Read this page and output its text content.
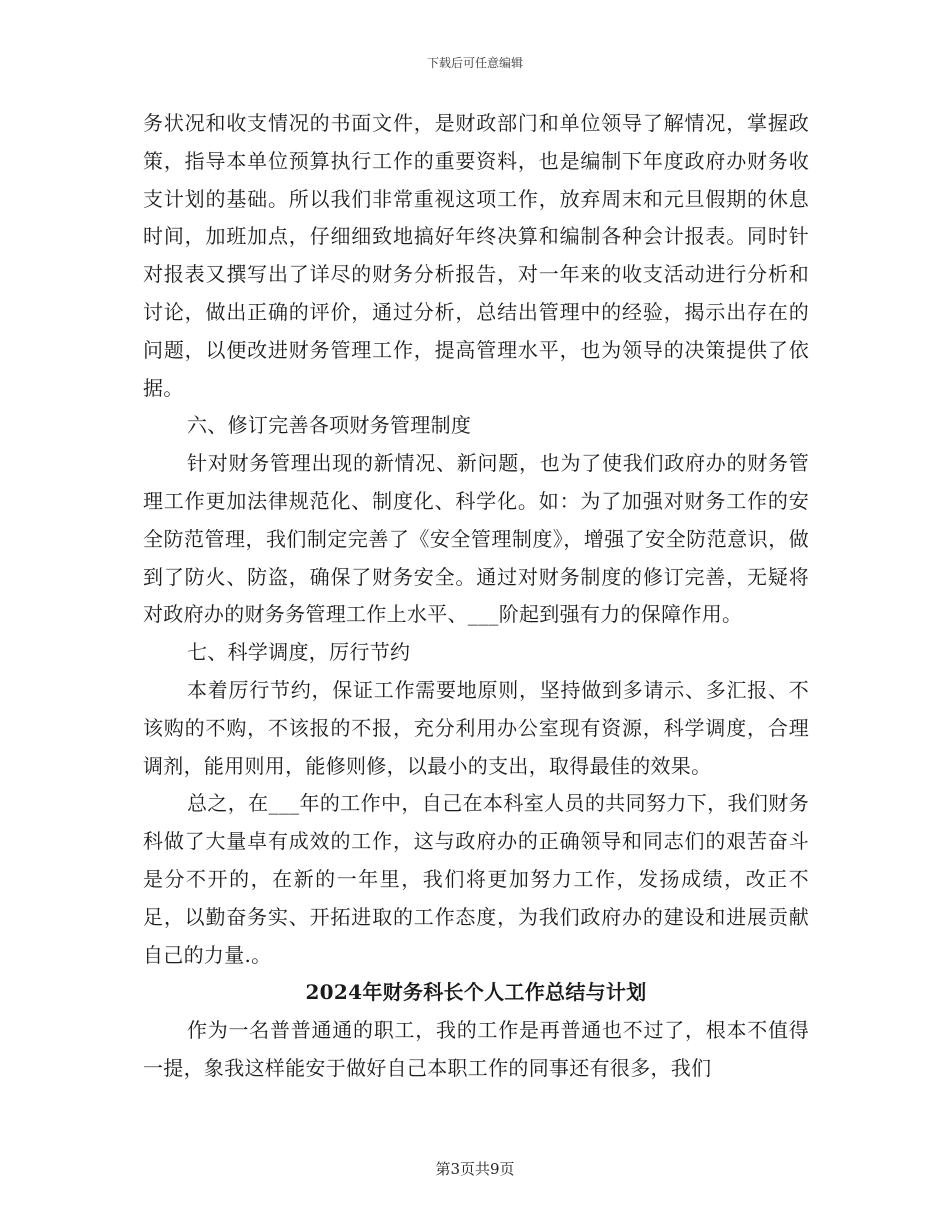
下载后可任意编辑

务状况和收支情况的书面文件，是财政部门和单位领导了解情况，掌握政策，指导本单位预算执行工作的重要资料，也是编制下年度政府办财务收支计划的基础。所以我们非常重视这项工作，放弃周末和元旦假期的休息时间，加班加点，仔细细致地搞好年终决算和编制各种会计报表。同时针对报表又撰写出了详尽的财务分析报告，对一年来的收支活动进行分析和讨论，做出正确的评价，通过分析，总结出管理中的经验，揭示出存在的问题，以便改进财务管理工作，提高管理水平，也为领导的决策提供了依据。

六、修订完善各项财务管理制度

针对财务管理出现的新情况、新问题，也为了使我们政府办的财务管理工作更加法律规范化、制度化、科学化。如：为了加强对财务工作的安全防范管理，我们制定完善了《安全管理制度》，增强了安全防范意识，做到了防火、防盗，确保了财务安全。通过对财务制度的修订完善，无疑将对政府办的财务务管理工作上水平、___阶起到强有力的保障作用。

七、科学调度，厉行节约

本着厉行节约，保证工作需要地原则，坚持做到多请示、多汇报、不该购的不购，不该报的不报，充分利用办公室现有资源，科学调度，合理调剂，能用则用，能修则修，以最小的支出，取得最佳的效果。

总之，在___年的工作中，自己在本科室人员的共同努力下，我们财务科做了大量卓有成效的工作，这与政府办的正确领导和同志们的艰苦奋斗是分不开的，在新的一年里，我们将更加努力工作，发扬成绩，改正不足，以勤奋务实、开拓进取的工作态度，为我们政府办的建设和进展贡献自己的力量.。

2024年财务科长个人工作总结与计划

作为一名普普通通的职工，我的工作是再普通也不过了，根本不值得一提，象我这样能安于做好自己本职工作的同事还有很多，我们

第3页共9页
